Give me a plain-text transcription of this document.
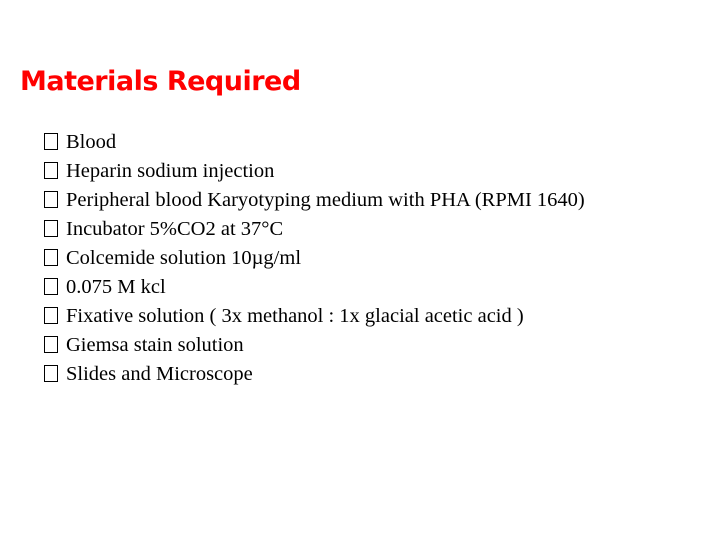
Materials Required
Blood
Heparin sodium injection
Peripheral blood Karyotyping medium with PHA (RPMI 1640)
Incubator 5%CO2 at 37°C
Colcemide solution 10µg/ml
0.075 M kcl
Fixative solution ( 3x methanol : 1x glacial acetic acid )
Giemsa stain solution
Slides and Microscope
